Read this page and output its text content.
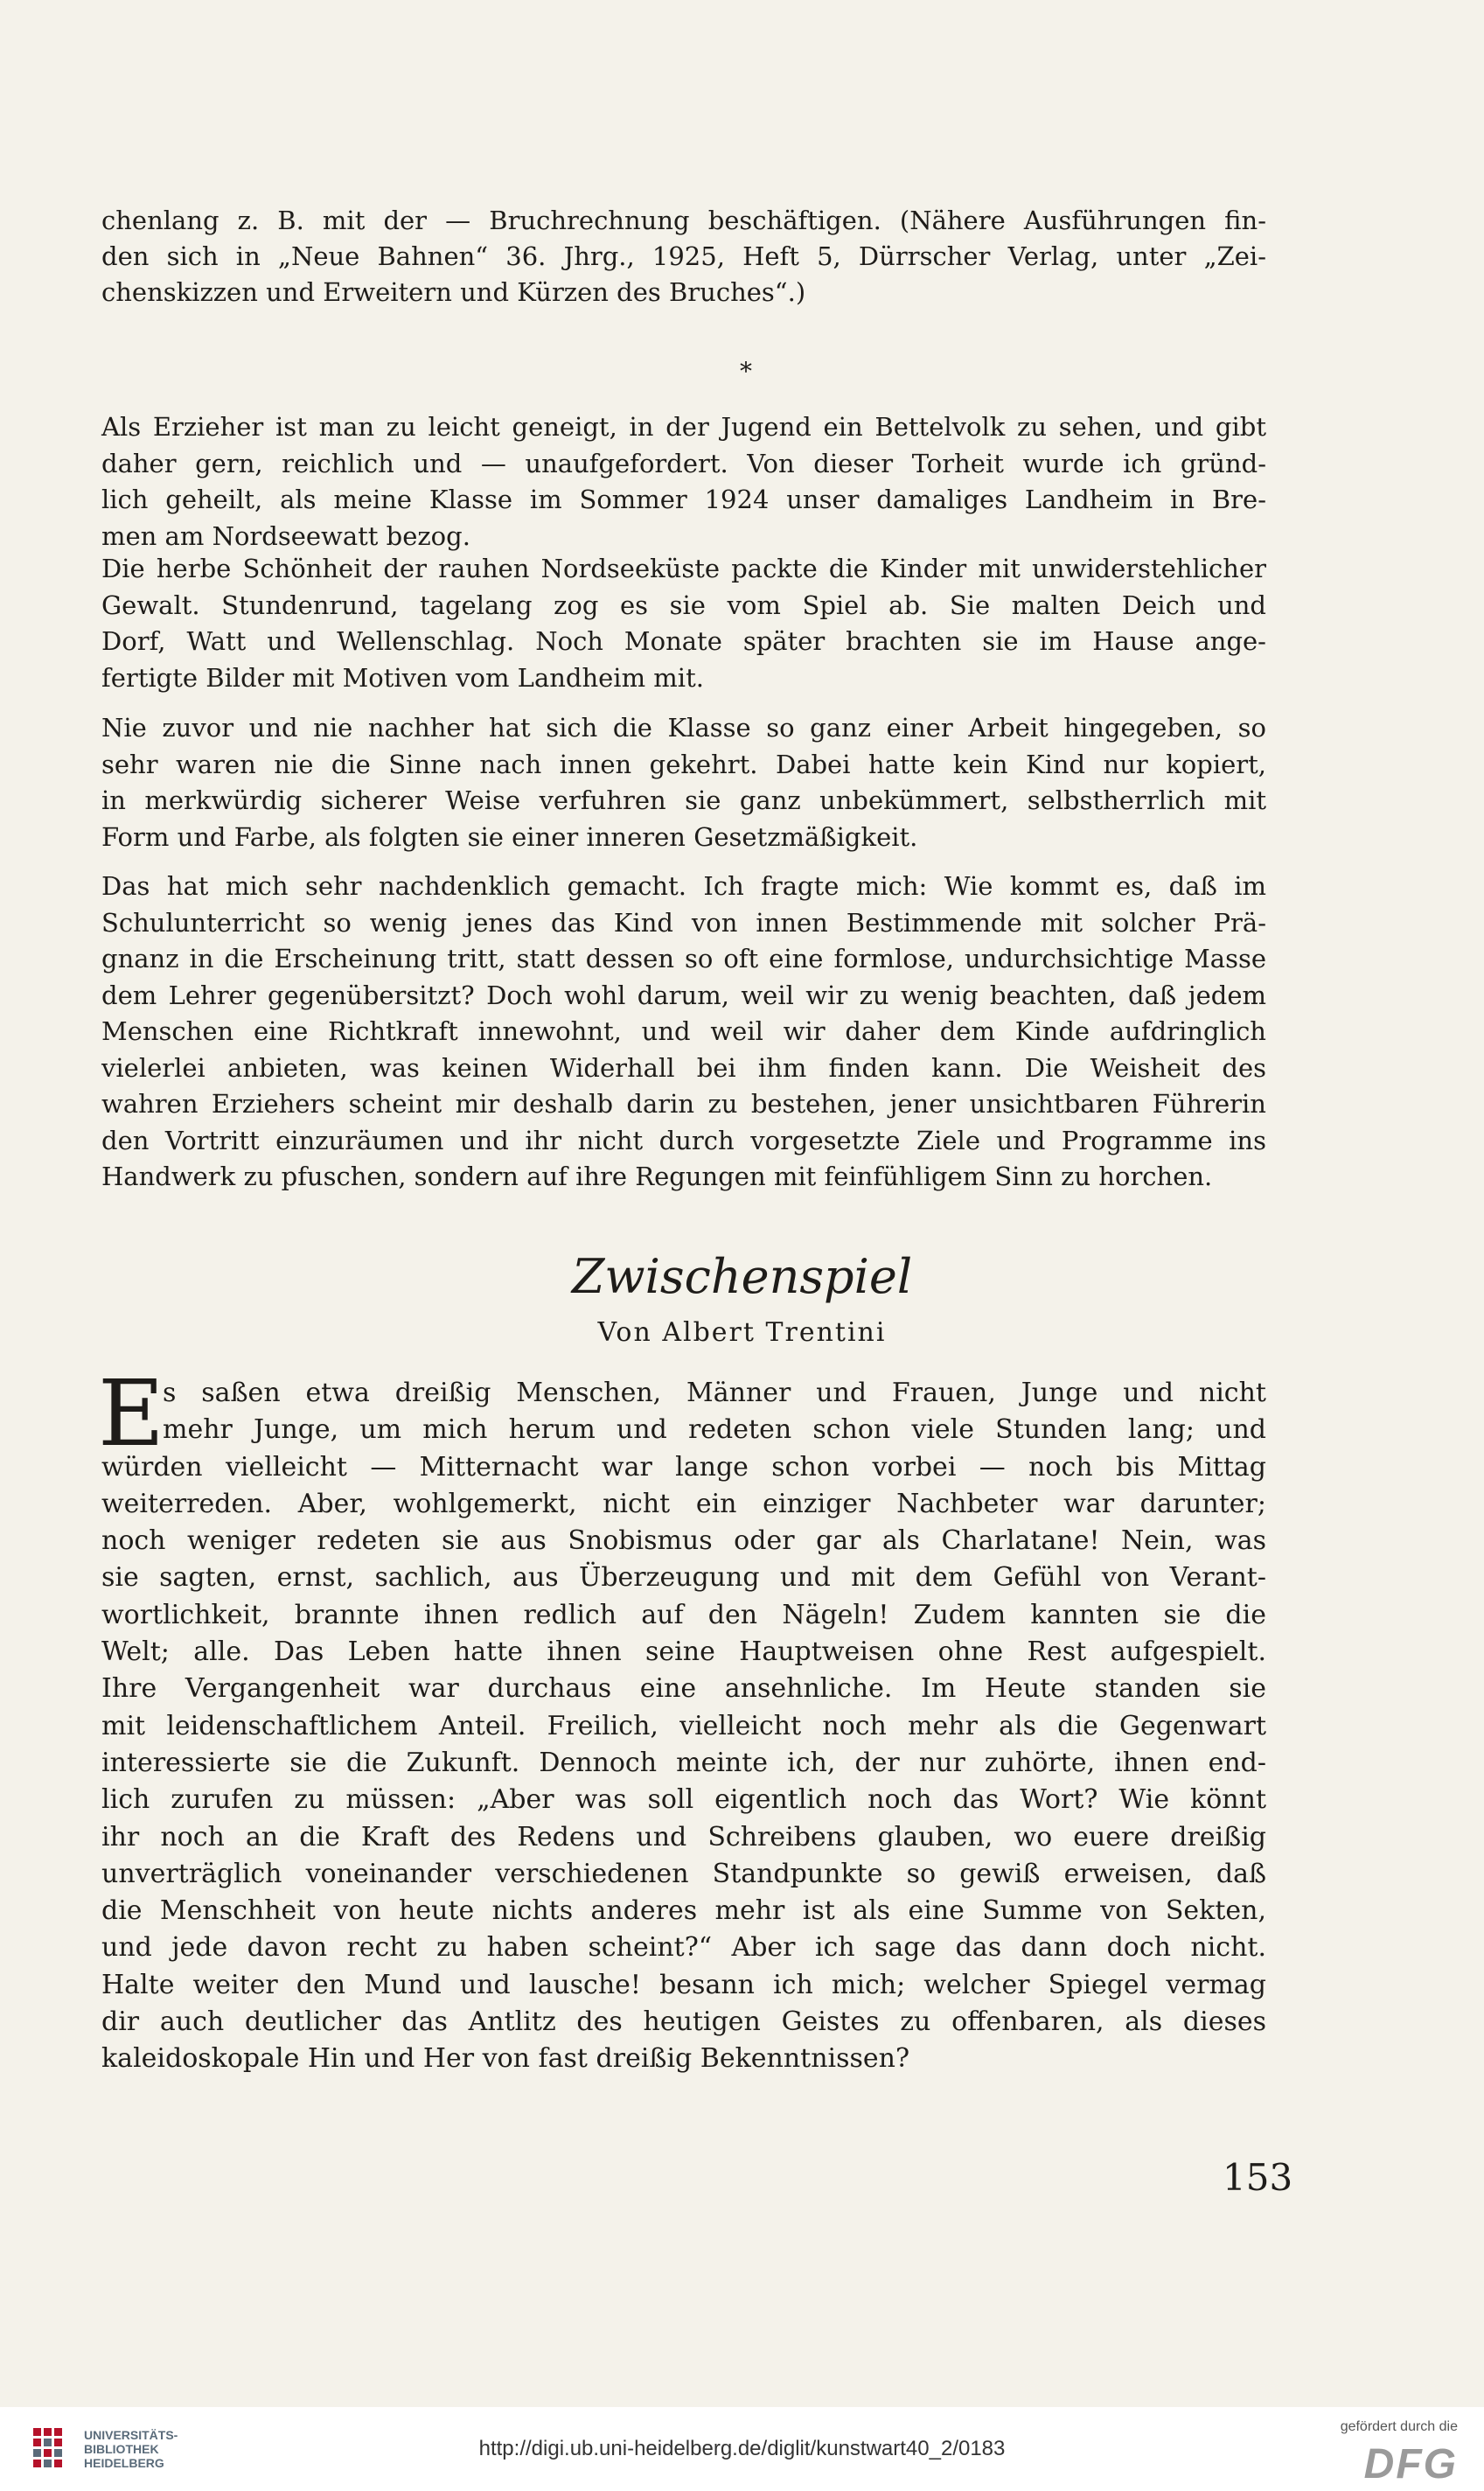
chenlang z. B. mit der — Bruchrechnung beschäftigen. (Nähere Ausführungen fin-
den sich in „Neue Bahnen“ 36. Jhrg., 1925, Heft 5, Dürrscher Verlag, unter „Zei-
chenskizzen und Erweitern und Kürzen des Bruches“.)
*
Als Erzieher ist man zu leicht geneigt, in der Jugend ein Bettelvolk zu sehen, und gibt
daher gern, reichlich und — unaufgefordert. Von dieser Torheit wurde ich gründ-
lich geheilt, als meine Klasse im Sommer 1924 unser damaliges Landheim in Bre-
men am Nordseewatt bezog.
Die herbe Schönheit der rauhen Nordseeküste packte die Kinder mit unwiderstehlicher
Gewalt. Stundenrund, tagelang zog es sie vom Spiel ab. Sie malten Deich und
Dorf, Watt und Wellenschlag. Noch Monate später brachten sie im Hause ange-
fertigte Bilder mit Motiven vom Landheim mit.
Nie zuvor und nie nachher hat sich die Klasse so ganz einer Arbeit hingegeben, so
sehr waren nie die Sinne nach innen gekehrt. Dabei hatte kein Kind nur kopiert,
in merkwürdig sicherer Weise verfuhren sie ganz unbekümmert, selbstherrlich mit
Form und Farbe, als folgten sie einer inneren Gesetzmäßigkeit.
Das hat mich sehr nachdenklich gemacht. Ich fragte mich: Wie kommt es, daß im
Schulunterricht so wenig jenes das Kind von innen Bestimmende mit solcher Prä-
gnanz in die Erscheinung tritt, statt dessen so oft eine formlose, undurchsichtige Masse
dem Lehrer gegenübersitzt? Doch wohl darum, weil wir zu wenig beachten, daß jedem
Menschen eine Richtkraft innewohnt, und weil wir daher dem Kinde aufdringlich
vielerlei anbieten, was keinen Widerhall bei ihm finden kann. Die Weisheit des
wahren Erziehers scheint mir deshalb darin zu bestehen, jener unsichtbaren Führerin
den Vortritt einzuräumen und ihr nicht durch vorgesetzte Ziele und Programme ins
Handwerk zu pfuschen, sondern auf ihre Regungen mit feinfühligem Sinn zu horchen.
Zwischenspiel
Von Albert Trentini
E
s saßen etwa dreißig Menschen, Männer und Frauen, Junge und nicht
mehr Junge, um mich herum und redeten schon viele Stunden lang; und
würden vielleicht — Mitternacht war lange schon vorbei — noch bis Mittag
weiterreden. Aber, wohlgemerkt, nicht ein einziger Nachbeter war darunter;
noch weniger redeten sie aus Snobismus oder gar als Charlatane! Nein, was
sie sagten, ernst, sachlich, aus Überzeugung und mit dem Gefühl von Verant-
wortlichkeit, brannte ihnen redlich auf den Nägeln! Zudem kannten sie die
Welt; alle. Das Leben hatte ihnen seine Hauptweisen ohne Rest aufgespielt.
Ihre Vergangenheit war durchaus eine ansehnliche. Im Heute standen sie
mit leidenschaftlichem Anteil. Freilich, vielleicht noch mehr als die Gegenwart
interessierte sie die Zukunft. Dennoch meinte ich, der nur zuhörte, ihnen end-
lich zurufen zu müssen: „Aber was soll eigentlich noch das Wort? Wie könnt
ihr noch an die Kraft des Redens und Schreibens glauben, wo euere dreißig
unverträglich voneinander verschiedenen Standpunkte so gewiß erweisen, daß
die Menschheit von heute nichts anderes mehr ist als eine Summe von Sekten,
und jede davon recht zu haben scheint?“ Aber ich sage das dann doch nicht.
Halte weiter den Mund und lausche! besann ich mich; welcher Spiegel vermag
dir auch deutlicher das Antlitz des heutigen Geistes zu offenbaren, als dieses
kaleidoskopale Hin und Her von fast dreißig Bekenntnissen?
153
UNIVERSITÄTS-
BIBLIOTHEK
HEIDELBERG
http://digi.ub.uni-heidelberg.de/diglit/kunstwart40_2/0183
gefördert durch die
DFG
